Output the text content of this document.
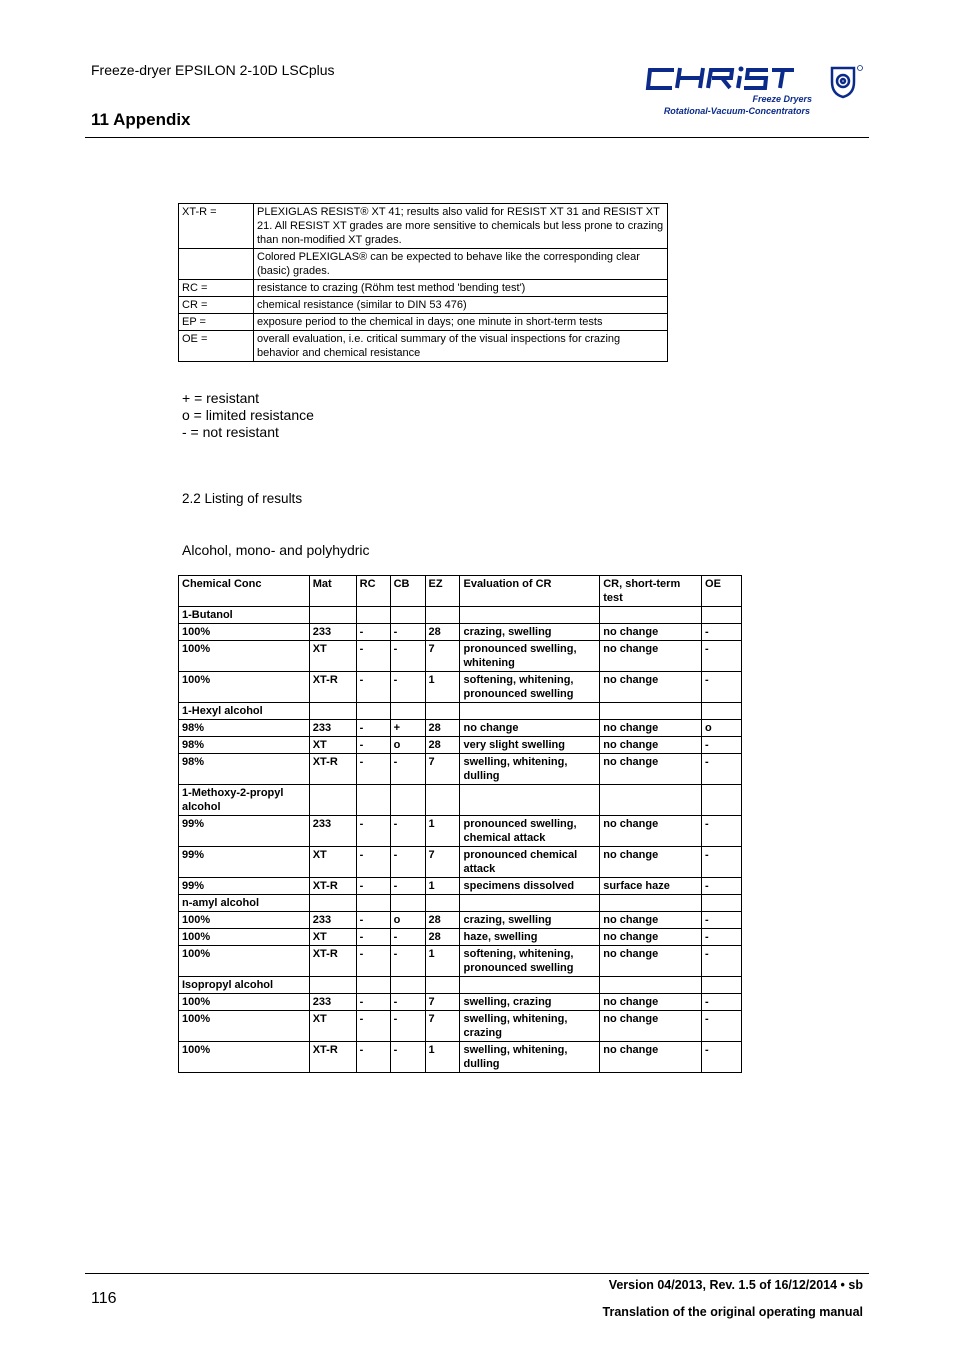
Freeze-dryer EPSILON 2-10D LSCplus
11 Appendix
Freeze Dryers
Rotational-Vacuum-Concentrators
XT-R =	PLEXIGLAS RESIST® XT 41; results also valid for RESIST XT 31 and RESIST XT 21. All RESIST XT grades are more sensitive to chemicals but less prone to crazing than non-modified XT grades.
	Colored PLEXIGLAS® can be expected to behave like the corresponding clear (basic) grades.
RC =	resistance to crazing (Röhm test method 'bending test')
CR =	chemical resistance (similar to DIN 53 476)
EP =	exposure period to the chemical in days; one minute in short-term tests
OE =	overall evaluation, i.e. critical summary of the visual inspections for crazing behavior and chemical resistance
+ = resistant
o = limited resistance
- = not resistant
2.2 Listing of results
Alcohol, mono- and polyhydric
Chemical Conc	Mat	RC	CB	EZ	Evaluation of CR	CR, short-term test	OE
1-Butanol							
100%	233	-	-	28	crazing, swelling	no change	-
100%	XT	-	-	7	pronounced swelling, whitening	no change	-
100%	XT-R	-	-	1	softening, whitening, pronounced swelling	no change	-
1-Hexyl alcohol							
98%	233	-	+	28	no change	no change	o
98%	XT	-	o	28	very slight swelling	no change	-
98%	XT-R	-	-	7	swelling, whitening, dulling	no change	-
1-Methoxy-2-propyl alcohol							
99%	233	-	-	1	pronounced swelling, chemical attack	no change	-
99%	XT	-	-	7	pronounced chemical attack	no change	-
99%	XT-R	-	-	1	specimens dissolved	surface haze	-
n-amyl alcohol							
100%	233	-	o	28	crazing, swelling	no change	-
100%	XT	-	-	28	haze, swelling	no change	-
100%	XT-R	-	-	1	softening, whitening, pronounced swelling	no change	-
Isopropyl alcohol							
100%	233	-	-	7	swelling, crazing	no change	-
100%	XT	-	-	7	swelling, whitening, crazing	no change	-
100%	XT-R	-	-	1	swelling, whitening, dulling	no change	-
116
Version 04/2013, Rev. 1.5 of 16/12/2014 • sb
Translation of the original operating manual
